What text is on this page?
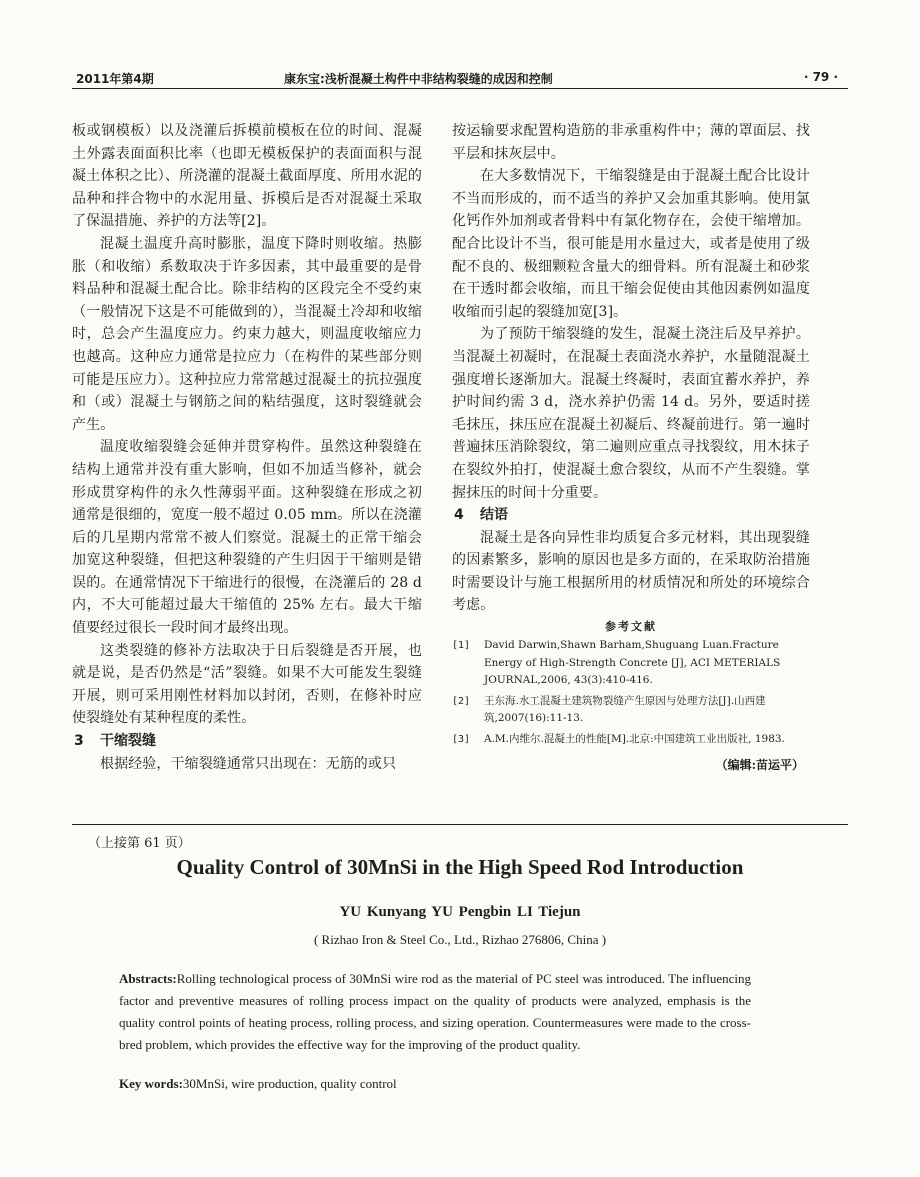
2011年第4期	康东宝:浅析混凝土构件中非结构裂缝的成因和控制	· 79 ·

板或钢模板）以及浇灌后拆模前模板在位的时间、混凝土外露表面面积比率（也即无模板保护的表面面积与混凝土体积之比）、所浇灌的混凝土截面厚度、所用水泥的品种和拌合物中的水泥用量、拆模后是否对混凝土采取了保温措施、养护的方法等[2]。

混凝土温度升高时膨胀，温度下降时则收缩。热膨胀（和收缩）系数取决于许多因素，其中最重要的是骨料品种和混凝土配合比。除非结构的区段完全不受约束（一般情况下这是不可能做到的），当混凝土冷却和收缩时，总会产生温度应力。约束力越大，则温度收缩应力也越高。这种应力通常是拉应力（在构件的某些部分则可能是压应力）。这种拉应力常常越过混凝土的抗拉强度和（或）混凝土与钢筋之间的粘结强度，这时裂缝就会产生。

温度收缩裂缝会延伸并贯穿构件。虽然这种裂缝在结构上通常并没有重大影响，但如不加适当修补，就会形成贯穿构件的永久性薄弱平面。这种裂缝在形成之初通常是很细的，宽度一般不超过 0.05 mm。所以在浇灌后的几星期内常常不被人们察觉。混凝土的正常干缩会加宽这种裂缝，但把这种裂缝的产生归因于干缩则是错误的。在通常情况下干缩进行的很慢，在浇灌后的 28 d 内，不大可能超过最大干缩值的 25% 左右。最大干缩值要经过很长一段时间才最终出现。

这类裂缝的修补方法取决于日后裂缝是否开展，也就是说，是否仍然是“活”裂缝。如果不大可能发生裂缝开展，则可采用刚性材料加以封闭，否则，在修补时应使裂缝处有某种程度的柔性。

3 干缩裂缝

根据经验，干缩裂缝通常只出现在：无筋的或只

按运输要求配置构造筋的非承重构件中；薄的罩面层、找平层和抹灰层中。

在大多数情况下，干缩裂缝是由于混凝土配合比设计不当而形成的，而不适当的养护又会加重其影响。使用氯化钙作外加剂或者骨料中有氯化物存在，会使干缩增加。配合比设计不当，很可能是用水量过大，或者是使用了级配不良的、极细颗粒含量大的细骨料。所有混凝土和砂浆在干透时都会收缩，而且干缩会促使由其他因素例如温度收缩而引起的裂缝加宽[3]。

为了预防干缩裂缝的发生，混凝土浇注后及早养护。当混凝土初凝时，在混凝土表面浇水养护，水量随混凝土强度增长逐渐加大。混凝土终凝时，表面宜蓄水养护，养护时间约需 3 d，浇水养护仍需 14 d。另外，要适时搓毛抹压，抹压应在混凝土初凝后、终凝前进行。第一遍时普遍抹压消除裂纹，第二遍则应重点寻找裂纹，用木抹子在裂纹外拍打，使混凝土愈合裂纹，从而不产生裂缝。掌握抹压的时间十分重要。

4 结语

混凝土是各向异性非均质复合多元材料，其出现裂缝的因素繁多，影响的原因也是多方面的，在采取防治措施时需要设计与施工根据所用的材质情况和所处的环境综合考虑。

参考文献
[1]	David Darwin,Shawn Barham,Shuguang Luan.Fracture Energy of High-Strength Concrete [J], ACI METERIALS JOURNAL,2006, 43(3):410-416.
[2]	王东海.水工混凝土建筑物裂缝产生原因与处理方法[J].山西建筑,2007(16):11-13.
[3]	A.M.内维尔.混凝土的性能[M].北京:中国建筑工业出版社, 1983.
（编辑:苗运平）
（上接第 61 页）
Quality Control of 30MnSi in the High Speed Rod Introduction
YU Kunyang YU Pengbin LI Tiejun
( Rizhao Iron & Steel Co., Ltd., Rizhao 276806, China )

Abstracts:Rolling technological process of 30MnSi wire rod as the material of PC steel was introduced. The influencing factor and preventive measures of rolling process impact on the quality of products were analyzed, emphasis is the quality control points of heating process, rolling process, and sizing operation. Countermeasures were made to the cross-bred problem, which provides the effective way for the improving of the product quality.

Key words:30MnSi, wire production, quality control
